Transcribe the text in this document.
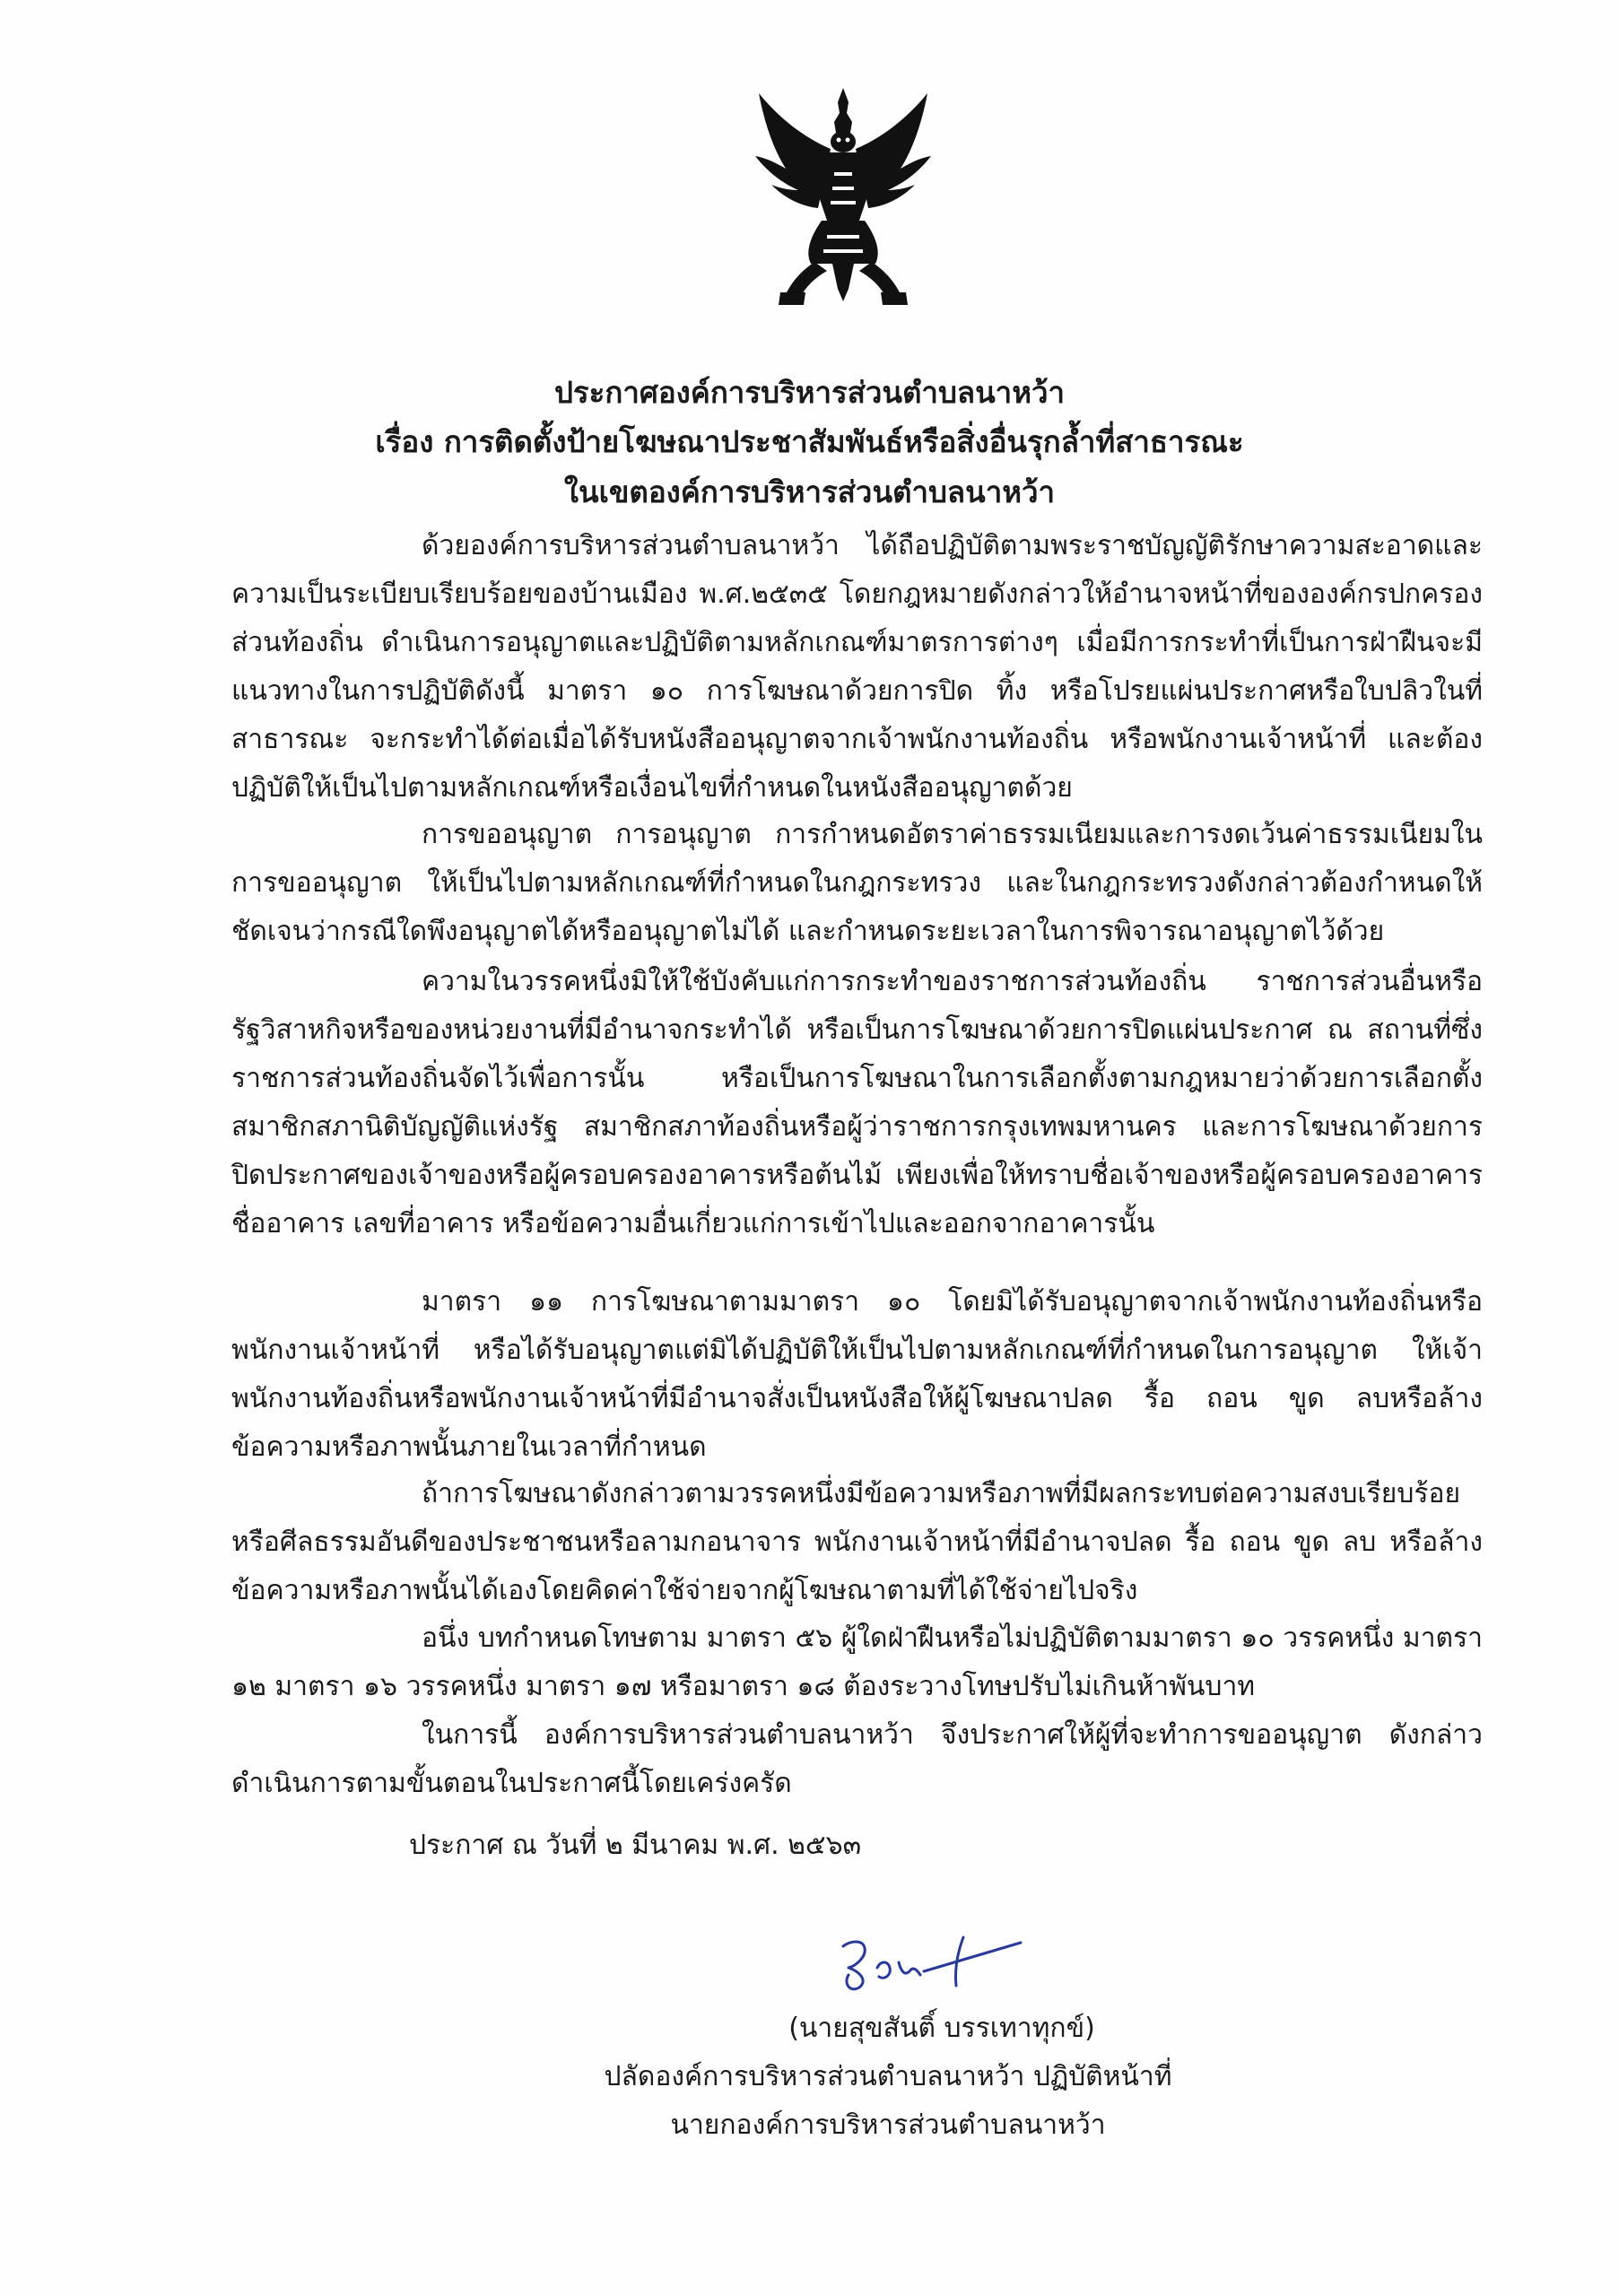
ประกาศองค์การบริหารส่วนตำบลนาหว้า
เรื่อง การติดตั้งป้ายโฆษณาประชาสัมพันธ์หรือสิ่งอื่นรุกล้ำที่สาธารณะ
ในเขตองค์การบริหารส่วนตำบลนาหว้า

ด้วยองค์การบริหารส่วนตำบลนาหว้า ได้ถือปฏิบัติตามพระราชบัญญัติรักษาความสะอาดและความเป็นระเบียบเรียบร้อยของบ้านเมือง พ.ศ.๒๕๓๕ โดยกฎหมายดังกล่าวให้อำนาจหน้าที่ขององค์กรปกครองส่วนท้องถิ่น ดำเนินการอนุญาตและปฏิบัติตามหลักเกณฑ์มาตรการต่างๆ เมื่อมีการกระทำที่เป็นการฝ่าฝืนจะมีแนวทางในการปฏิบัติดังนี้ มาตรา ๑๐ การโฆษณาด้วยการปิด ทิ้ง หรือโปรยแผ่นประกาศหรือใบปลิวในที่สาธารณะ จะกระทำได้ต่อเมื่อได้รับหนังสืออนุญาตจากเจ้าพนักงานท้องถิ่น หรือพนักงานเจ้าหน้าที่ และต้องปฏิบัติให้เป็นไปตามหลักเกณฑ์หรือเงื่อนไขที่กำหนดในหนังสืออนุญาตด้วย

การขออนุญาต การอนุญาต การกำหนดอัตราค่าธรรมเนียมและการงดเว้นค่าธรรมเนียมในการขออนุญาต ให้เป็นไปตามหลักเกณฑ์ที่กำหนดในกฎกระทรวง และในกฎกระทรวงดังกล่าวต้องกำหนดให้ชัดเจนว่ากรณีใดพึงอนุญาตได้หรืออนุญาตไม่ได้ และกำหนดระยะเวลาในการพิจารณาอนุญาตไว้ด้วย

ความในวรรคหนึ่งมิให้ใช้บังคับแก่การกระทำของราชการส่วนท้องถิ่น ราชการส่วนอื่นหรือรัฐวิสาหกิจหรือของหน่วยงานที่มีอำนาจกระทำได้ หรือเป็นการโฆษณาด้วยการปิดแผ่นประกาศ ณ สถานที่ซึ่งราชการส่วนท้องถิ่นจัดไว้เพื่อการนั้น หรือเป็นการโฆษณาในการเลือกตั้งตามกฎหมายว่าด้วยการเลือกตั้งสมาชิกสภานิติบัญญัติแห่งรัฐ สมาชิกสภาท้องถิ่นหรือผู้ว่าราชการกรุงเทพมหานคร และการโฆษณาด้วยการปิดประกาศของเจ้าของหรือผู้ครอบครองอาคารหรือต้นไม้ เพียงเพื่อให้ทราบชื่อเจ้าของหรือผู้ครอบครองอาคาร ชื่ออาคาร เลขที่อาคาร หรือข้อความอื่นเกี่ยวแก่การเข้าไปและออกจากอาคารนั้น

มาตรา ๑๑ การโฆษณาตามมาตรา ๑๐ โดยมิได้รับอนุญาตจากเจ้าพนักงานท้องถิ่นหรือพนักงานเจ้าหน้าที่ หรือได้รับอนุญาตแต่มิได้ปฏิบัติให้เป็นไปตามหลักเกณฑ์ที่กำหนดในการอนุญาต ให้เจ้าพนักงานท้องถิ่นหรือพนักงานเจ้าหน้าที่มีอำนาจสั่งเป็นหนังสือให้ผู้โฆษณาปลด รื้อ ถอน ขูด ลบหรือล้างข้อความหรือภาพนั้นภายในเวลาที่กำหนด

ถ้าการโฆษณาดังกล่าวตามวรรคหนึ่งมีข้อความหรือภาพที่มีผลกระทบต่อความสงบเรียบร้อยหรือศีลธรรมอันดีของประชาชนหรือลามกอนาจาร พนักงานเจ้าหน้าที่มีอำนาจปลด รื้อ ถอน ขูด ลบ หรือล้างข้อความหรือภาพนั้นได้เองโดยคิดค่าใช้จ่ายจากผู้โฆษณาตามที่ได้ใช้จ่ายไปจริง

อนึ่ง บทกำหนดโทษตาม มาตรา ๕๖ ผู้ใดฝ่าฝืนหรือไม่ปฏิบัติตามมาตรา ๑๐ วรรคหนึ่ง มาตรา ๑๒ มาตรา ๑๖ วรรคหนึ่ง มาตรา ๑๗ หรือมาตรา ๑๘ ต้องระวางโทษปรับไม่เกินห้าพันบาท

ในการนี้ องค์การบริหารส่วนตำบลนาหว้า จึงประกาศให้ผู้ที่จะทำการขออนุญาต ดังกล่าวดำเนินการตามขั้นตอนในประกาศนี้โดยเคร่งครัด

ประกาศ ณ วันที่ ๒ มีนาคม พ.ศ. ๒๕๖๓
(นายสุขสันติ์ บรรเทาทุกข์)
ปลัดองค์การบริหารส่วนตำบลนาหว้า ปฏิบัติหน้าที่
นายกองค์การบริหารส่วนตำบลนาหว้า
